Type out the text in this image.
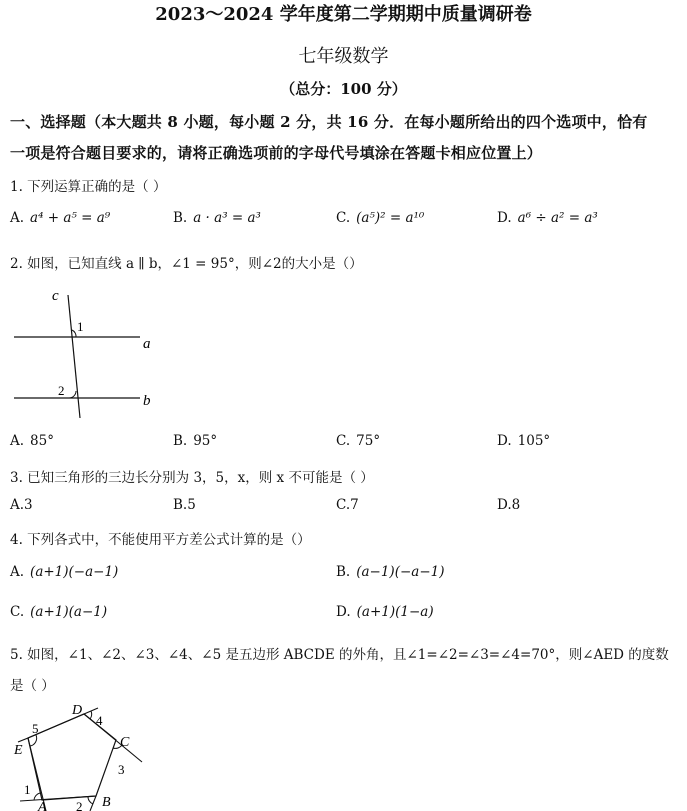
2023～2024 学年度第二学期期中质量调研卷
七年级数学
（总分：100 分）
一、选择题（本大题共 8 小题，每小题 2 分，共 16 分．在每小题所给出的四个选项中，恰有
一项是符合题目要求的，请将正确选项前的字母代号填涂在答题卡相应位置上）
1. 下列运算正确的是（ ）
A. a⁴ + a⁵ = a⁹	B. a · a³ = a³	C. (a⁵)² = a¹⁰	D. a⁶ ÷ a² = a³
2. 如图，已知直线 a ∥ b，∠1 = 95°，则∠2的大小是（）
c
a
b
1
2
A. 85°	B. 95°	C. 75°	D. 105°
3. 已知三角形的三边长分别为 3，5，x，则 x 不可能是（ ）
A.3	B.5	C.7	D.8
4. 下列各式中，不能使用平方差公式计算的是（）
A. (a+1)(−a−1)	B. (a−1)(−a−1)
C. (a+1)(a−1)	D. (a+1)(1−a)
5. 如图，∠1、∠2、∠3、∠4、∠5 是五边形 ABCDE 的外角，且∠1=∠2=∠3=∠4=70°，则∠AED 的度数
是（ ）
D
C
E
A	B
4
5
3
1
2
